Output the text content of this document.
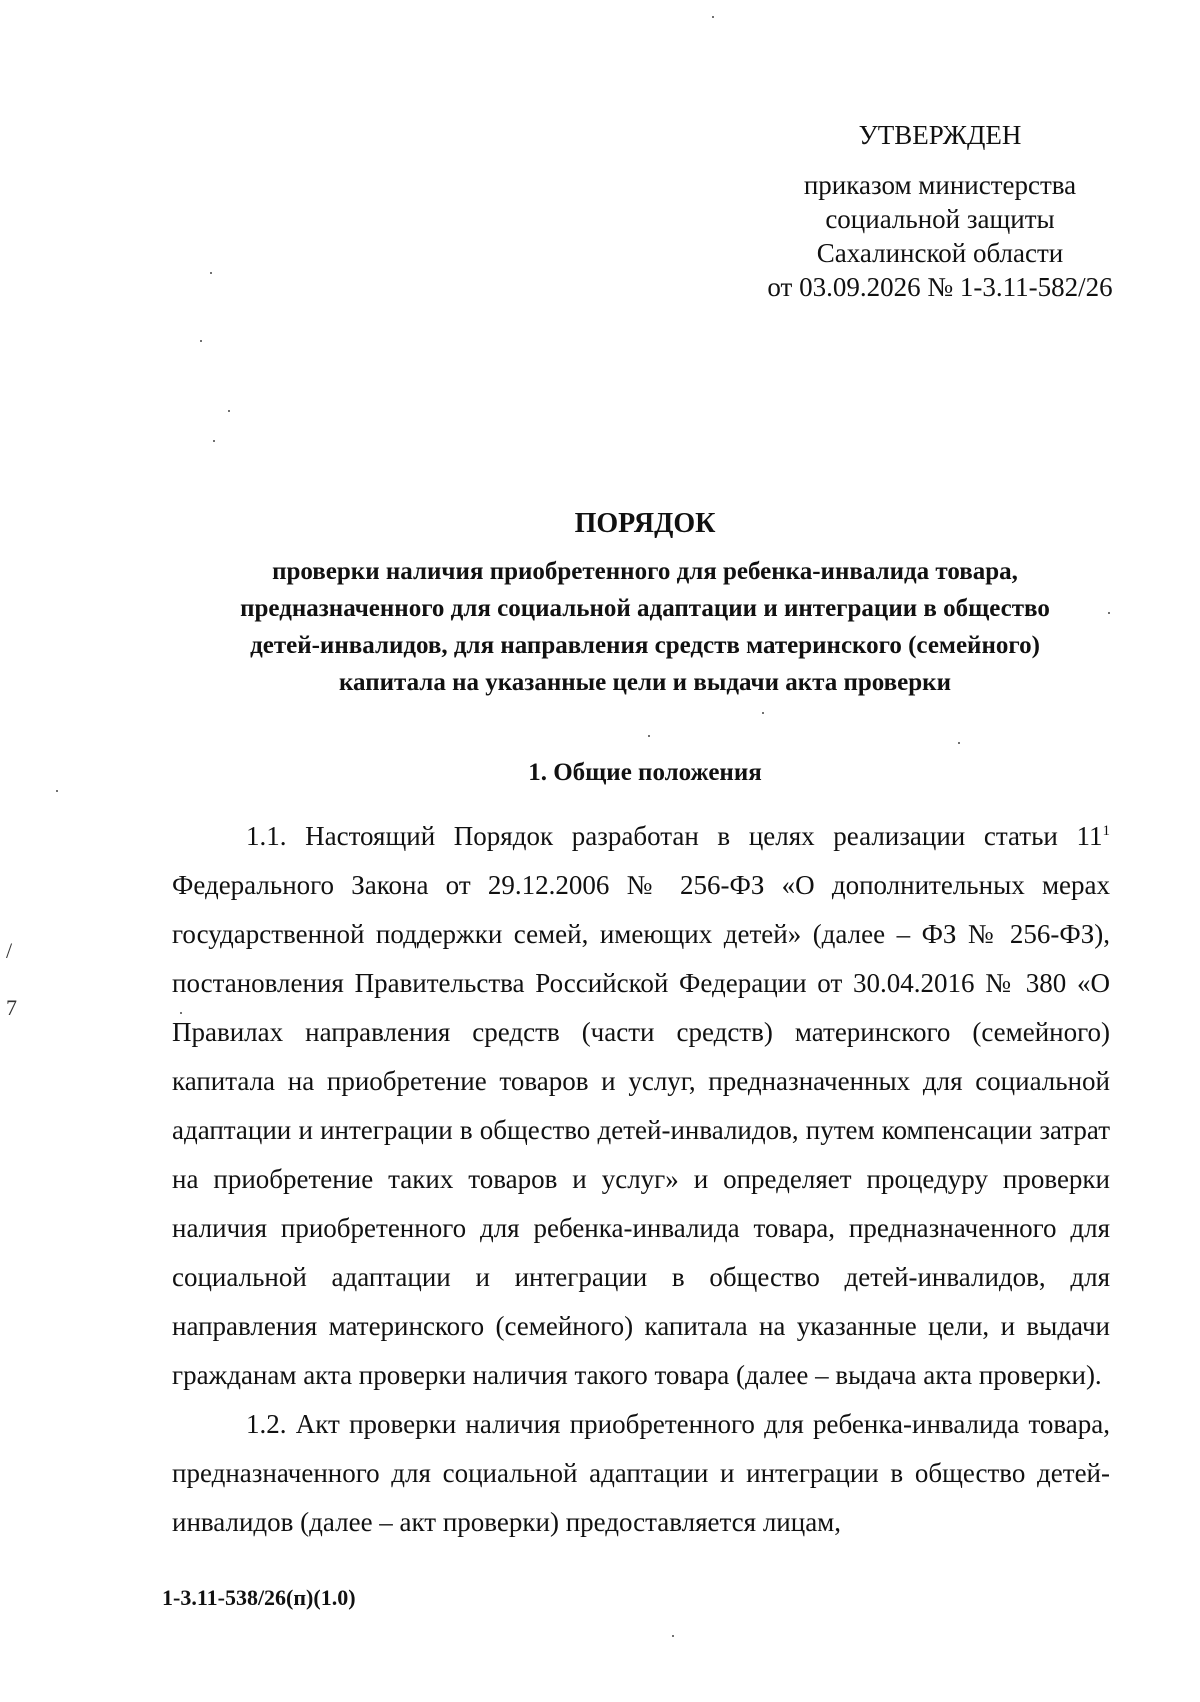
УТВЕРЖДЕН
приказом министерства
социальной защиты
Сахалинской области
от 03.09.2026 № 1-3.11-582/26
ПОРЯДОК
проверки наличия приобретенного для ребенка-инвалида товара,
предназначенного для социальной адаптации и интеграции в общество
детей-инвалидов, для направления средств материнского (семейного)
капитала на указанные цели и выдачи акта проверки
1. Общие положения

1.1. Настоящий Порядок разработан в целях реализации статьи $11^1$ Федерального Закона от 29.12.2006 № 256-ФЗ «О дополнительных мерах государственной поддержки семей, имеющих детей» (далее – ФЗ № 256-ФЗ), постановления Правительства Российской Федерации от 30.04.2016 № 380 «О Правилах направления средств (части средств) материнского (семейного) капитала на приобретение товаров и услуг, предназначенных для социальной адаптации и интеграции в общество детей-инвалидов, путем компенсации затрат на приобретение таких товаров и услуг» и определяет процедуру проверки наличия приобретенного для ребенка-инвалида товара, предназначенного для социальной адаптации и интеграции в общество детей-инвалидов, для направления материнского (семейного) капитала на указанные цели, и выдачи гражданам акта проверки наличия такого товара (далее – выдача акта проверки).

1.2. Акт проверки наличия приобретенного для ребенка-инвалида товара, предназначенного для социальной адаптации и интеграции в общество детей-инвалидов (далее – акт проверки) предоставляется лицам,

1-3.11-538/26(п)(1.0)
/
7
